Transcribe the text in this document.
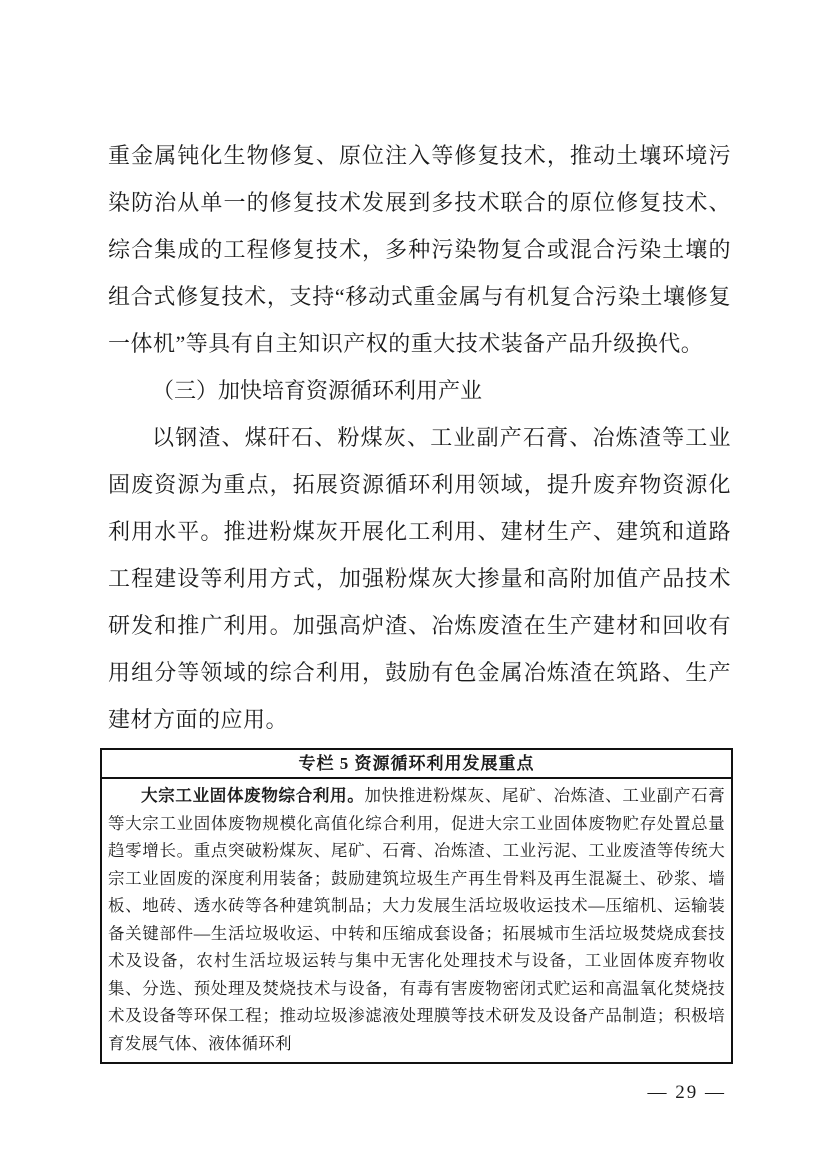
重金属钝化生物修复、原位注入等修复技术，推动土壤环境污染防治从单一的修复技术发展到多技术联合的原位修复技术、综合集成的工程修复技术，多种污染物复合或混合污染土壤的组合式修复技术，支持“移动式重金属与有机复合污染土壤修复一体机”等具有自主知识产权的重大技术装备产品升级换代。

（三）加快培育资源循环利用产业

以钢渣、煤矸石、粉煤灰、工业副产石膏、冶炼渣等工业固废资源为重点，拓展资源循环利用领域，提升废弃物资源化利用水平。推进粉煤灰开展化工利用、建材生产、建筑和道路工程建设等利用方式，加强粉煤灰大掺量和高附加值产品技术研发和推广利用。加强高炉渣、冶炼废渣在生产建材和回收有用组分等领域的综合利用，鼓励有色金属冶炼渣在筑路、生产建材方面的应用。

专栏 5 资源循环利用发展重点

大宗工业固体废物综合利用。加快推进粉煤灰、尾矿、冶炼渣、工业副产石膏等大宗工业固体废物规模化高值化综合利用，促进大宗工业固体废物贮存处置总量趋零增长。重点突破粉煤灰、尾矿、石膏、冶炼渣、工业污泥、工业废渣等传统大宗工业固废的深度利用装备；鼓励建筑垃圾生产再生骨料及再生混凝土、砂浆、墙板、地砖、透水砖等各种建筑制品；大力发展生活垃圾收运技术—压缩机、运输装备关键部件—生活垃圾收运、中转和压缩成套设备；拓展城市生活垃圾焚烧成套技术及设备，农村生活垃圾运转与集中无害化处理技术与设备，工业固体废弃物收集、分选、预处理及焚烧技术与设备，有毒有害废物密闭式贮运和高温氧化焚烧技术及设备等环保工程；推动垃圾渗滤液处理膜等技术研发及设备产品制造；积极培育发展气体、液体循环利

— 29 —
